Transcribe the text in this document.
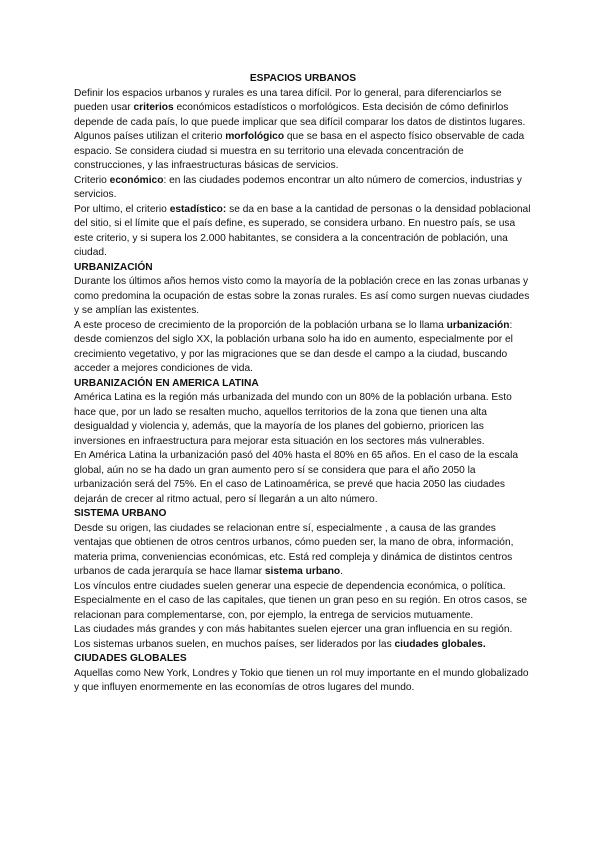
ESPACIOS URBANOS

Definir los espacios urbanos y rurales es una tarea difícil. Por lo general, para diferenciarlos se pueden usar criterios económicos estadísticos o morfológicos. Esta decisión de cómo definirlos depende de cada país, lo que puede implicar que sea difícil comparar los datos de distintos lugares.

Algunos países utilizan el criterio morfológico que se basa en el aspecto físico observable de cada espacio. Se considera ciudad si muestra en su territorio una elevada concentración de construcciones, y las infraestructuras básicas de servicios.

Criterio económico: en las ciudades podemos encontrar un alto número de comercios, industrias y servicios.

Por ultimo, el criterio estadístico: se da en base a la cantidad de personas o la densidad poblacional del sitio, si el límite que el país define, es superado, se considera urbano. En nuestro país, se usa este criterio, y si supera los 2.000 habitantes, se considera a la concentración de población, una ciudad.

URBANIZACIÓN

Durante los últimos años hemos visto como la mayoría de la población crece en las zonas urbanas y como predomina la ocupación de estas sobre la zonas rurales. Es así como surgen nuevas ciudades y se amplían las existentes.

A este proceso de crecimiento de la proporción de la población urbana se lo llama urbanización: desde comienzos del siglo XX, la población urbana solo ha ido en aumento, especialmente por el crecimiento vegetativo, y por las migraciones que se dan desde el campo a la ciudad, buscando acceder a mejores condiciones de vida.

URBANIZACIÓN EN AMERICA LATINA

América Latina es la región más urbanizada del mundo con un 80% de la población urbana. Esto hace que, por un lado se resalten mucho, aquellos territorios de la zona que tienen una alta desigualdad y violencia y, además, que la mayoría de los planes del gobierno, prioricen las inversiones en infraestructura para mejorar esta situación en los sectores más vulnerables.

En América Latina la urbanización pasó del 40% hasta el 80% en 65 años. En el caso de la escala global, aún no se ha dado un gran aumento pero sí se considera que para el año 2050 la urbanización será del 75%. En el caso de Latinoamérica, se prevé que hacia 2050 las ciudades dejarán de crecer al ritmo actual, pero sí llegarán a un alto número.

SISTEMA URBANO

Desde su origen, las ciudades se relacionan entre sí, especialmente , a causa de las grandes ventajas que obtienen de otros centros urbanos, cómo pueden ser, la mano de obra, información, materia prima, conveniencias económicas, etc. Está red compleja y dinámica de distintos centros urbanos de cada jerarquía se hace llamar sistema urbano.

Los vínculos entre ciudades suelen generar una especie de dependencia económica, o política. Especialmente en el caso de las capitales, que tienen un gran peso en su región. En otros casos, se relacionan para complementarse, con, por ejemplo, la entrega de servicios mutuamente.

Las ciudades más grandes y con más habitantes suelen ejercer una gran influencia en su región.

Los sistemas urbanos suelen, en muchos países, ser liderados por las ciudades globales.

CIUDADES GLOBALES

Aquellas como New York, Londres y Tokio que tienen un rol muy importante en el mundo globalizado y que influyen enormemente en las economías de otros lugares del mundo.
